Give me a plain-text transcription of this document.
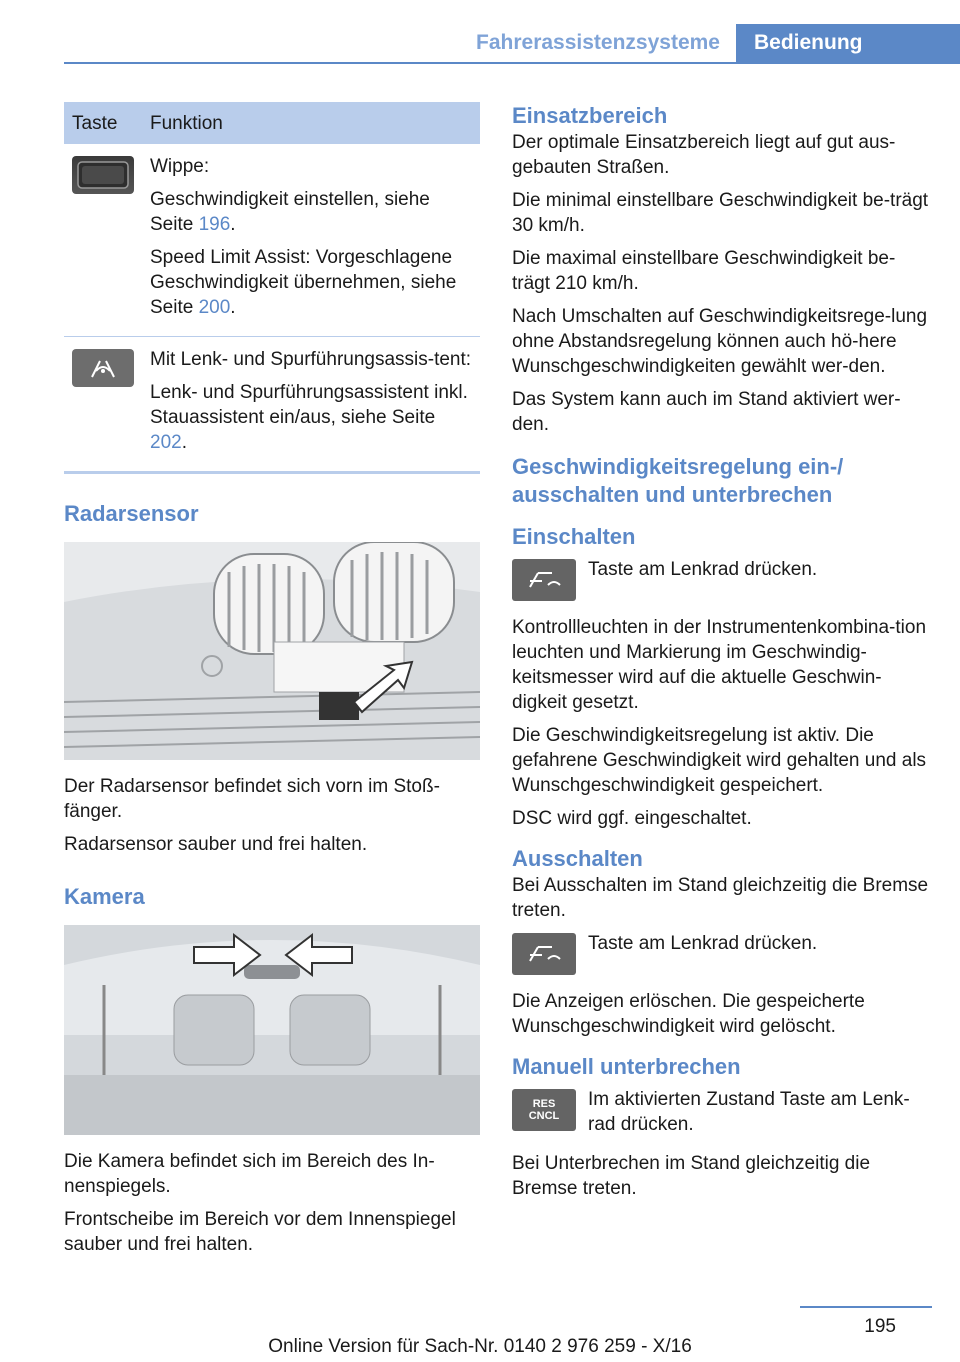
Fahrerassistenzsysteme	Bedienung
Taste	Funktion

Wippe:

Geschwindigkeit einstellen, siehe Seite 196.

Speed Limit Assist: Vorgeschlagene Geschwindigkeit übernehmen, siehe Seite 200.

Mit Lenk- und Spurführungsassis-tent:

Lenk- und Spurführungsassistent inkl. Stauassistent ein/aus, siehe Seite 202.

Radarsensor

Der Radarsensor befindet sich vorn im Stoß-fänger.

Radarsensor sauber und frei halten.

Kamera

Die Kamera befindet sich im Bereich des In-nenspiegels.

Frontscheibe im Bereich vor dem Innenspiegel sauber und frei halten.

Einsatzbereich

Der optimale Einsatzbereich liegt auf gut aus-gebauten Straßen.

Die minimal einstellbare Geschwindigkeit be-trägt 30 km/h.

Die maximal einstellbare Geschwindigkeit be-trägt 210 km/h.

Nach Umschalten auf Geschwindigkeitsrege-lung ohne Abstandsregelung können auch hö-here Wunschgeschwindigkeiten gewählt wer-den.

Das System kann auch im Stand aktiviert wer-den.

Geschwindigkeitsregelung ein-/ ausschalten und unterbrechen
Einschalten
Taste am Lenkrad drücken.

Kontrollleuchten in der Instrumentenkombina-tion leuchten und Markierung im Geschwindig-keitsmesser wird auf die aktuelle Geschwin-digkeit gesetzt.

Die Geschwindigkeitsregelung ist aktiv. Die gefahrene Geschwindigkeit wird gehalten und als Wunschgeschwindigkeit gespeichert.

DSC wird ggf. eingeschaltet.

Ausschalten

Bei Ausschalten im Stand gleichzeitig die Bremse treten.

Taste am Lenkrad drücken.

Die Anzeigen erlöschen. Die gespeicherte Wunschgeschwindigkeit wird gelöscht.

Manuell unterbrechen
RES CNCL
Im aktivierten Zustand Taste am Lenk-rad drücken.

Bei Unterbrechen im Stand gleichzeitig die Bremse treten.

195
Online Version für Sach-Nr. 0140 2 976 259 - X/16
